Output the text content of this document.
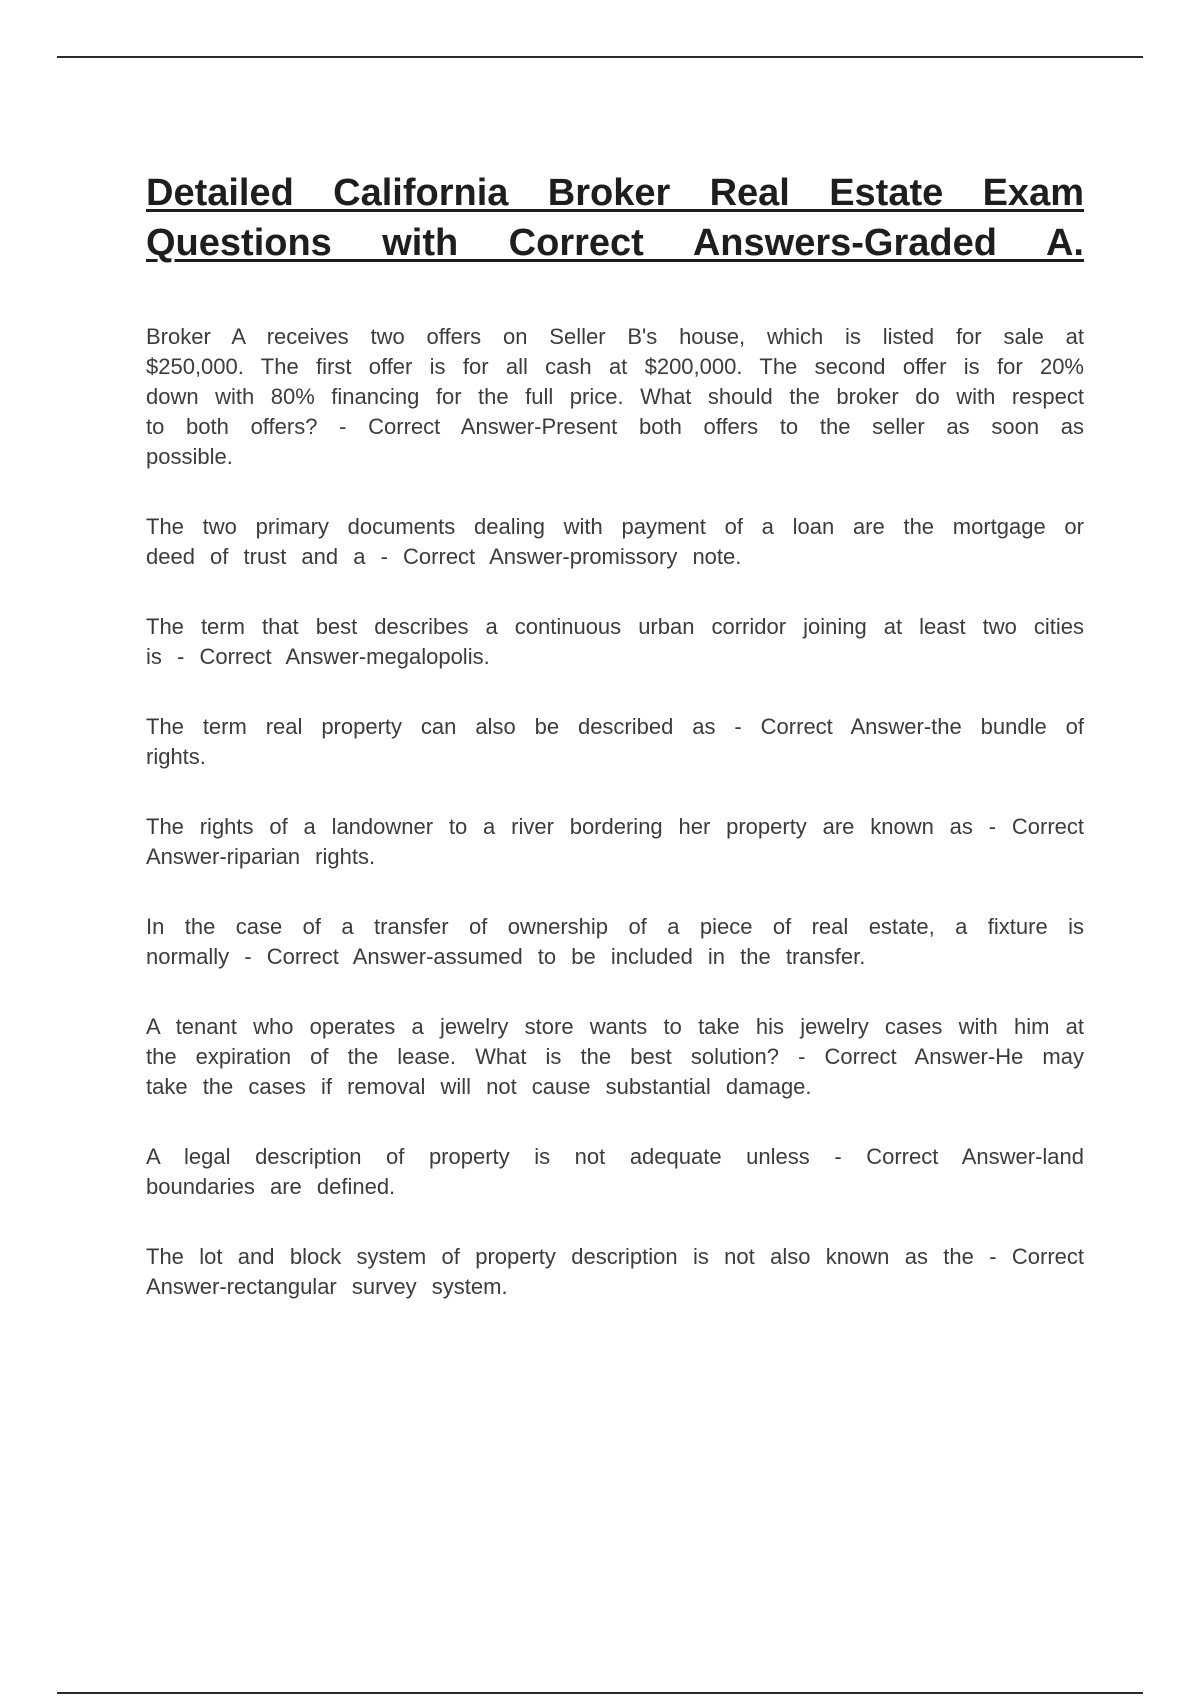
Detailed California Broker Real Estate Exam Questions with Correct Answers-Graded A.

Broker A receives two offers on Seller B's house, which is listed for sale at $250,000. The first offer is for all cash at $200,000. The second offer is for 20% down with 80% financing for the full price. What should the broker do with respect to both offers? - Correct Answer-Present both offers to the seller as soon as possible.

The two primary documents dealing with payment of a loan are the mortgage or deed of trust and a - Correct Answer-promissory note.

The term that best describes a continuous urban corridor joining at least two cities is - Correct Answer-megalopolis.

The term real property can also be described as - Correct Answer-the bundle of rights.

The rights of a landowner to a river bordering her property are known as - Correct Answer-riparian rights.

In the case of a transfer of ownership of a piece of real estate, a fixture is normally - Correct Answer-assumed to be included in the transfer.

A tenant who operates a jewelry store wants to take his jewelry cases with him at the expiration of the lease. What is the best solution? - Correct Answer-He may take the cases if removal will not cause substantial damage.

A legal description of property is not adequate unless - Correct Answer-land boundaries are defined.

The lot and block system of property description is not also known as the - Correct Answer-rectangular survey system.
